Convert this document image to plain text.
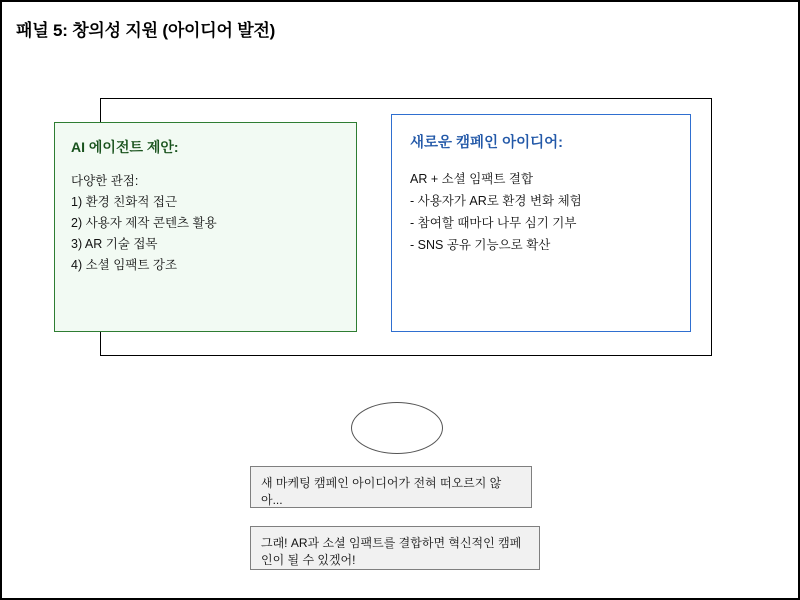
패널 5: 창의성 지원 (아이디어 발전)
AI 에이전트 제안:
다양한 관점:
1) 환경 친화적 접근
2) 사용자 제작 콘텐츠 활용
3) AR 기술 접목
4) 소셜 임팩트 강조
새로운 캠페인 아이디어:
AR + 소셜 임팩트 결합
- 사용자가 AR로 환경 변화 체험
- 참여할 때마다 나무 심기 기부
- SNS 공유 기능으로 확산
새 마케팅 캠페인 아이디어가 전혀 떠오르지 않아...
그래! AR과 소셜 임팩트를 결합하면 혁신적인 캠페인이 될 수 있겠어!
